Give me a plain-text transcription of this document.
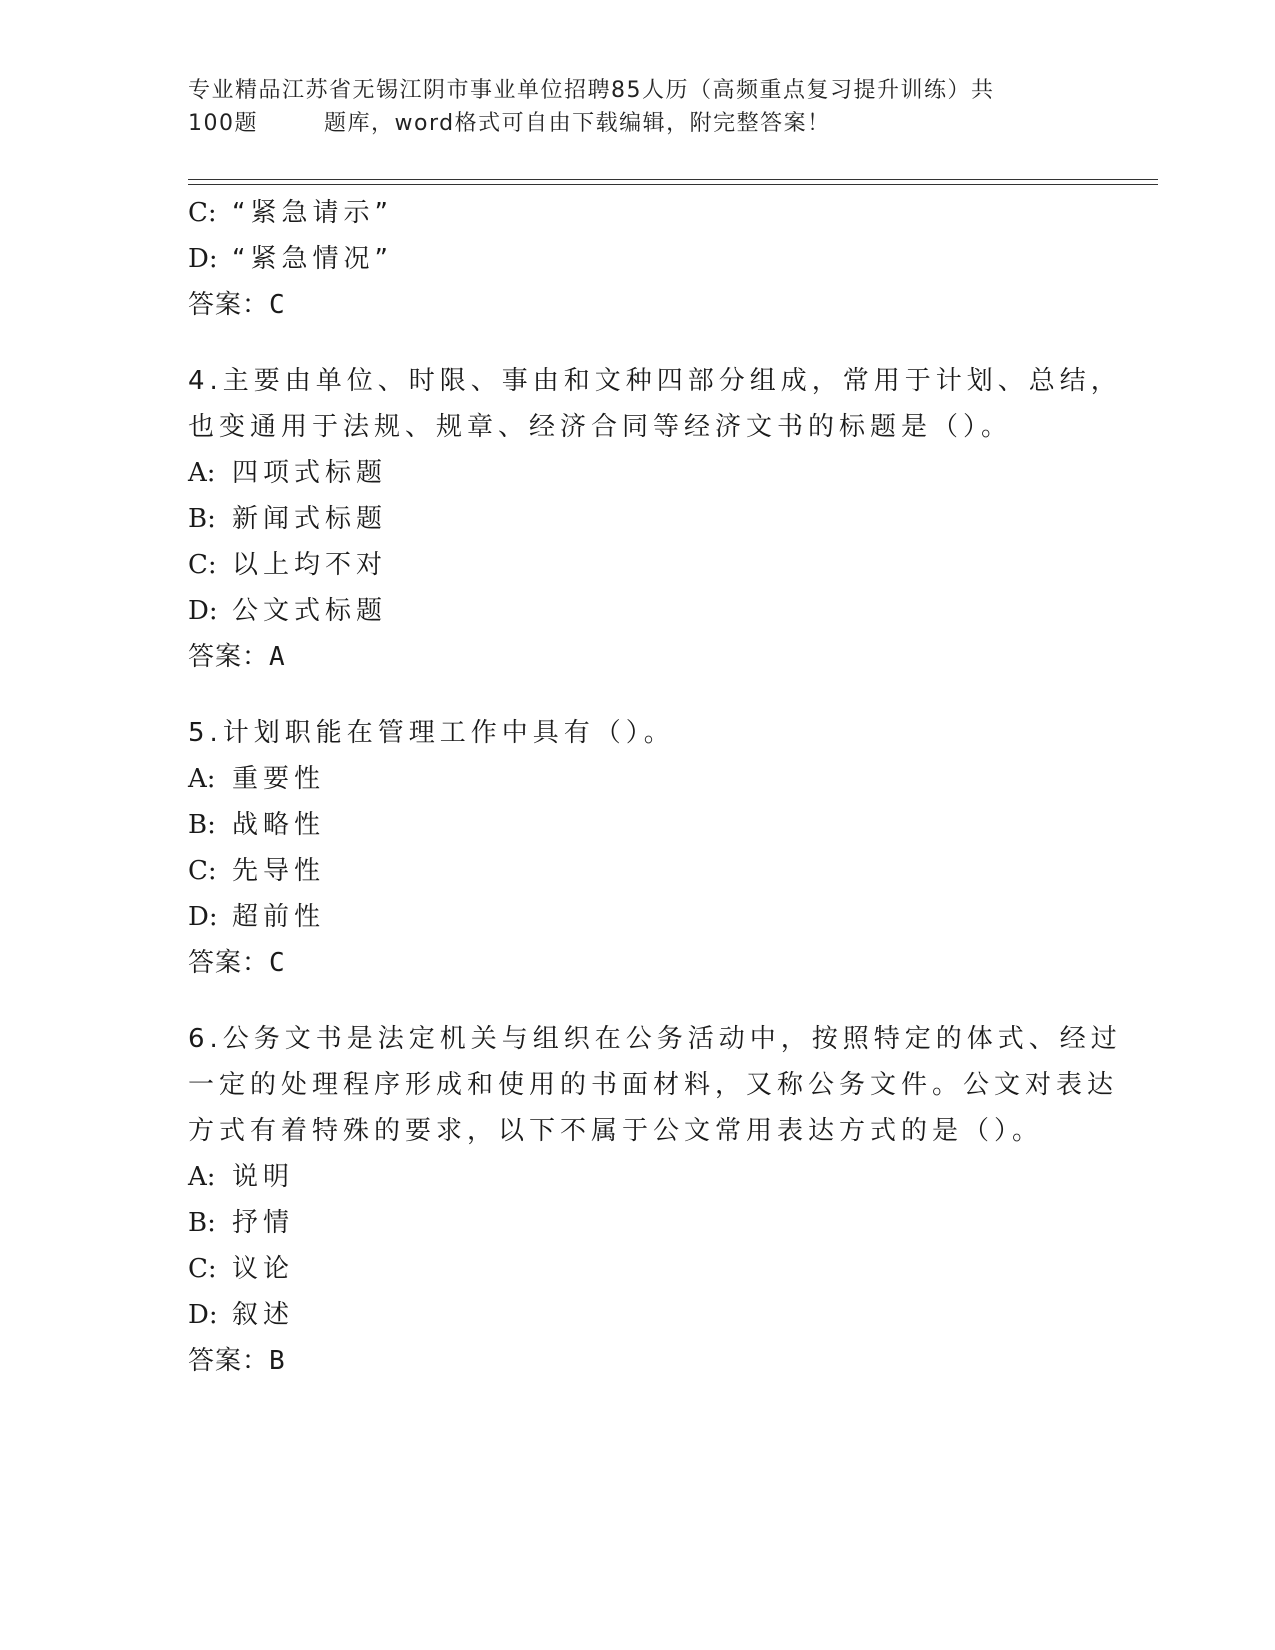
专业精品江苏省无锡江阴市事业单位招聘85人历（高频重点复习提升训练）共
100题	题库，word格式可自由下载编辑，附完整答案！
C: “紧急请示”
D: “紧急情况”
答案：C
4.主要由单位、时限、事由和文种四部分组成，常用于计划、总结，
也变通用于法规、规章、经济合同等经济文书的标题是（）。
A: 四项式标题
B: 新闻式标题
C: 以上均不对
D: 公文式标题
答案：A
5.计划职能在管理工作中具有（）。
A: 重要性
B: 战略性
C: 先导性
D: 超前性
答案：C
6.公务文书是法定机关与组织在公务活动中，按照特定的体式、经过
一定的处理程序形成和使用的书面材料，又称公务文件。公文对表达
方式有着特殊的要求，以下不属于公文常用表达方式的是（）。
A: 说明
B: 抒情
C: 议论
D: 叙述
答案：B
